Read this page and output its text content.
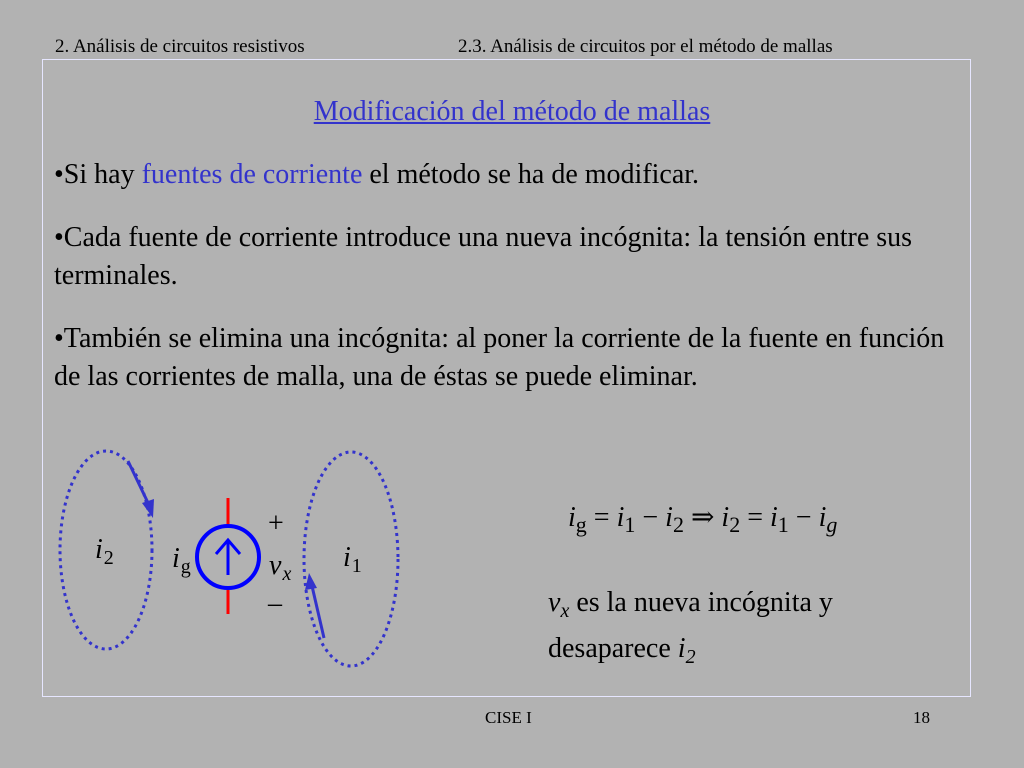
2. Análisis de circuitos resistivos	2.3. Análisis de circuitos por el método de mallas
Modificación del método de mallas
•Si hay fuentes de corriente el método se ha de modificar.
•Cada fuente de corriente introduce una nueva incógnita: la tensión entre sus terminales.
•También se elimina una incógnita: al poner la corriente de la fuente en función de las corrientes de malla, una de éstas se puede eliminar.
$i_2$	$i_1$
$i_g$
+
$v_x$
–
$i_g = i_1 - i_2$ ⇒ $i_2 = i_1 - i_g$
$v_x$ es la nueva incógnita y
desaparece $i_2$
CISE I	18
